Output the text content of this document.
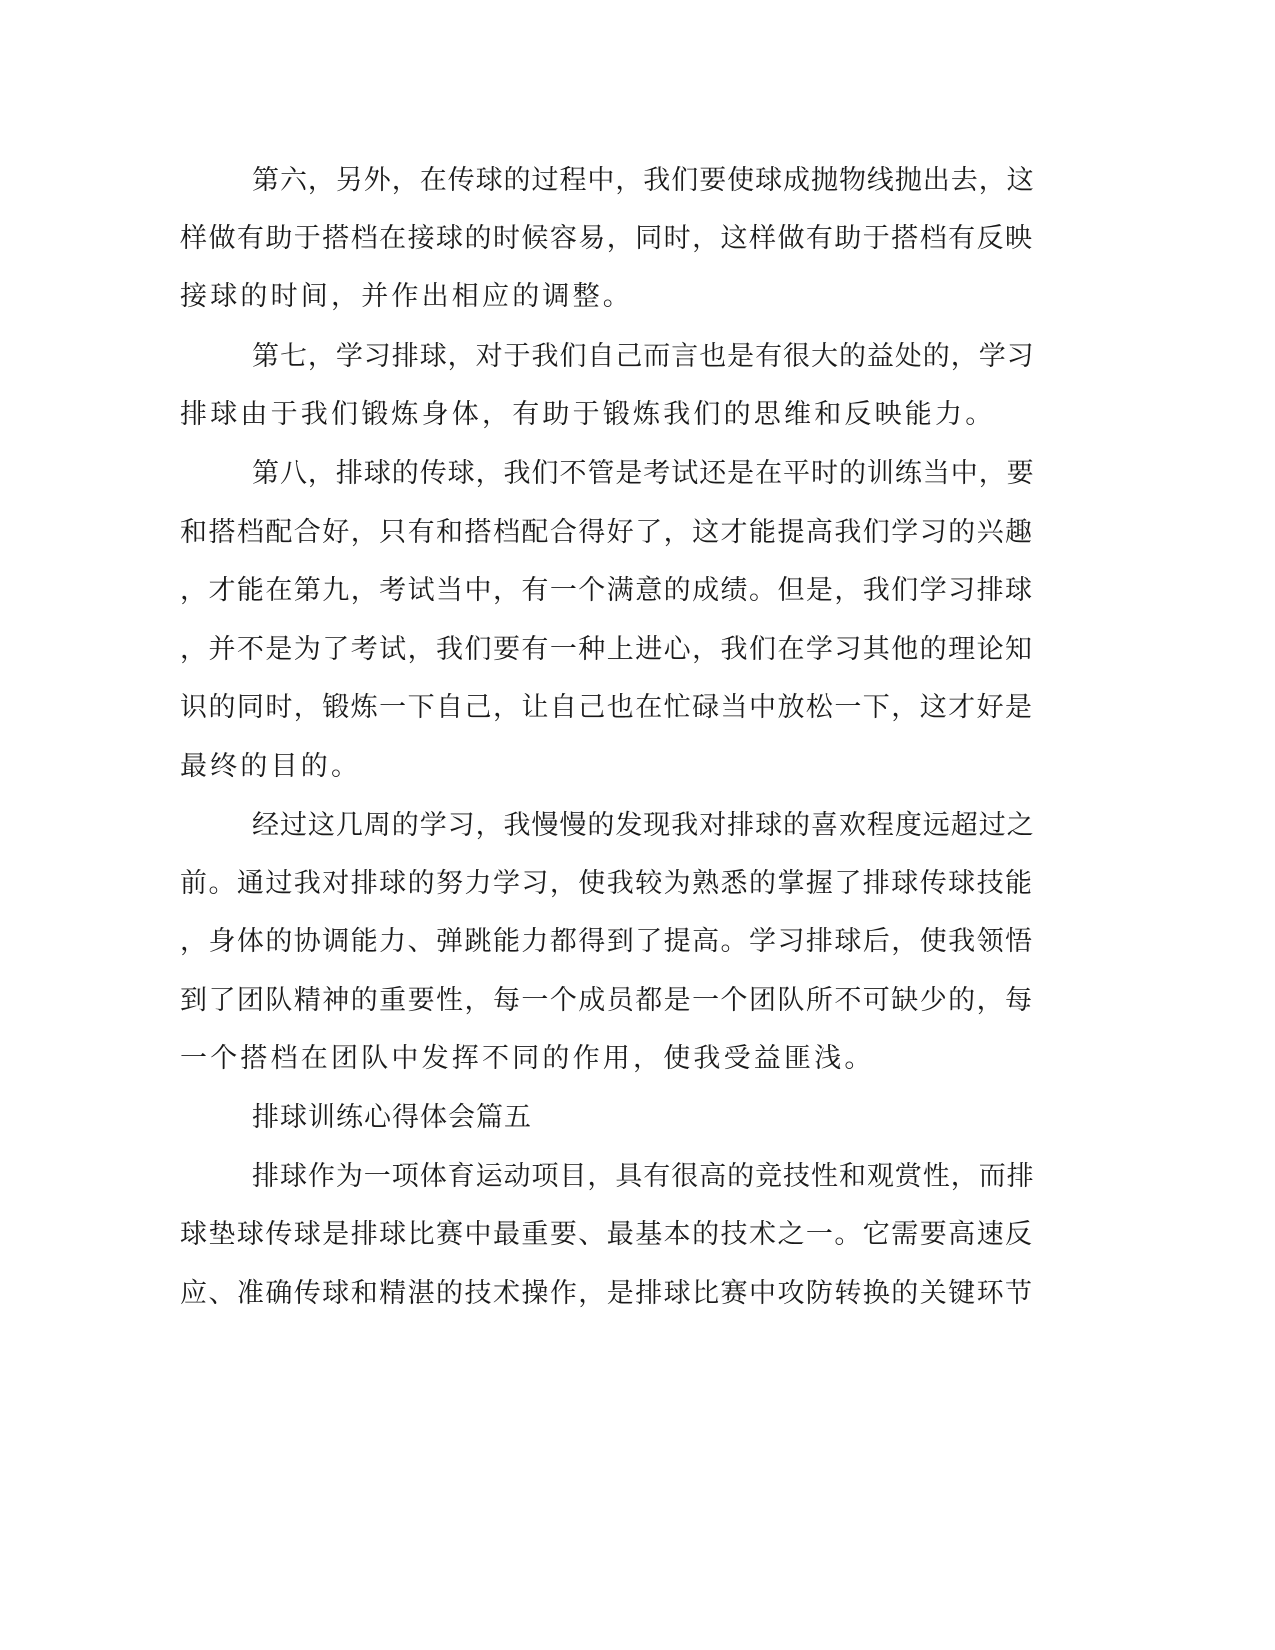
第六，另外，在传球的过程中，我们要使球成抛物线抛出去，这
样做有助于搭档在接球的时候容易，同时，这样做有助于搭档有反映
接球的时间，并作出相应的调整。
第七，学习排球，对于我们自己而言也是有很大的益处的，学习
排球由于我们锻炼身体，有助于锻炼我们的思维和反映能力。
第八，排球的传球，我们不管是考试还是在平时的训练当中，要
和搭档配合好，只有和搭档配合得好了，这才能提高我们学习的兴趣
，才能在第九，考试当中，有一个满意的成绩。但是，我们学习排球
，并不是为了考试，我们要有一种上进心，我们在学习其他的理论知
识的同时，锻炼一下自己，让自己也在忙碌当中放松一下，这才好是
最终的目的。
经过这几周的学习，我慢慢的发现我对排球的喜欢程度远超过之
前。通过我对排球的努力学习，使我较为熟悉的掌握了排球传球技能
，身体的协调能力、弹跳能力都得到了提高。学习排球后，使我领悟
到了团队精神的重要性，每一个成员都是一个团队所不可缺少的，每
一个搭档在团队中发挥不同的作用，使我受益匪浅。
排球训练心得体会篇五
排球作为一项体育运动项目，具有很高的竞技性和观赏性，而排
球垫球传球是排球比赛中最重要、最基本的技术之一。它需要高速反
应、准确传球和精湛的技术操作，是排球比赛中攻防转换的关键环节
